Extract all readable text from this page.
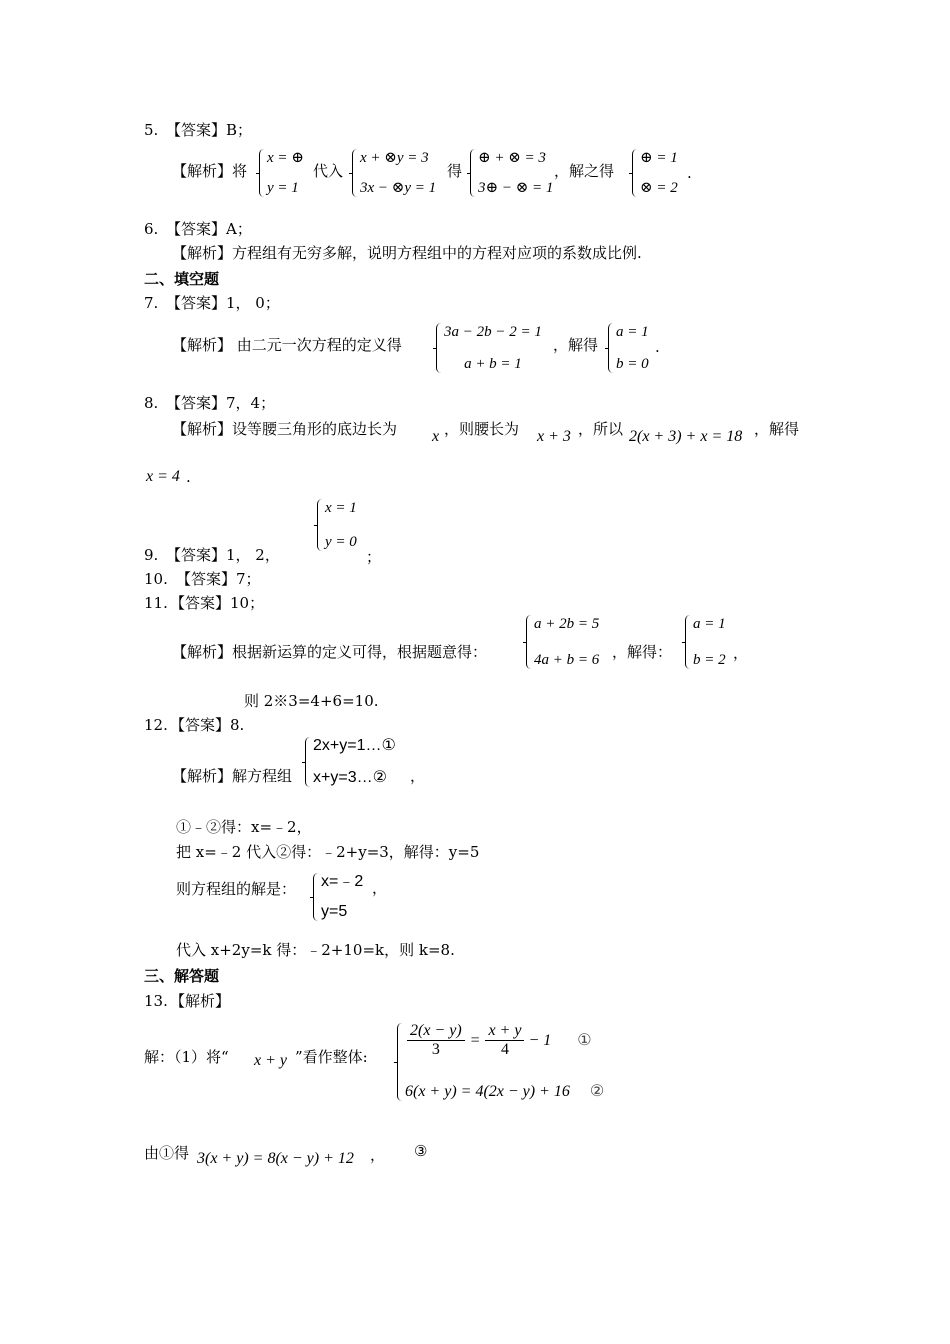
5. 【答案】B；
【解析】将
x = ⊕
y = 1
代入
x + ⊗y = 3
3x − ⊗y = 1
得
⊕ + ⊗ = 3
3⊕ − ⊗ = 1
，解之得
⊕ = 1
⊗ = 2
.
6. 【答案】A；
【解析】方程组有无穷多解，说明方程组中的方程对应项的系数成比例.
二、填空题
7. 【答案】1， 0；
【解析】 由二元一次方程的定义得
3a − 2b − 2 = 1
a + b = 1
，解得
a = 1
b = 0
.
8. 【答案】7，4；
【解析】设等腰三角形的底边长为 x ，则腰长为 x + 3 ，所以 2(x + 3) + x = 18 ，解得
x = 4 .
x = 1
y = 0
9. 【答案】1， 2，	；
10. 【答案】7；
11. 【答案】10；
【解析】根据新运算的定义可得，根据题意得：
a + 2b = 5
4a + b = 6 ，解得：
a = 1
b = 2 ，
则 2※3=4+6=10.
12. 【答案】8.
【解析】解方程组
2x+y=1…①
x+y=3…②	，
①﹣②得：x=﹣2，
把 x=﹣2 代入②得：﹣2+y=3，解得：y=5
则方程组的解是： x=﹣2
y=5
，
代入 x+2y=k 得：﹣2+10=k，则 k=8.
三、解答题
13. 【解析】
解：（1）将“ x + y ”看作整体: $\frac{2(x - y)}{3} = \frac{x + y}{4} - 1$ ①
6(x + y) = 4(2x − y) + 16 ②
由①得 3(x + y) = 8(x − y) + 12 ， ③
